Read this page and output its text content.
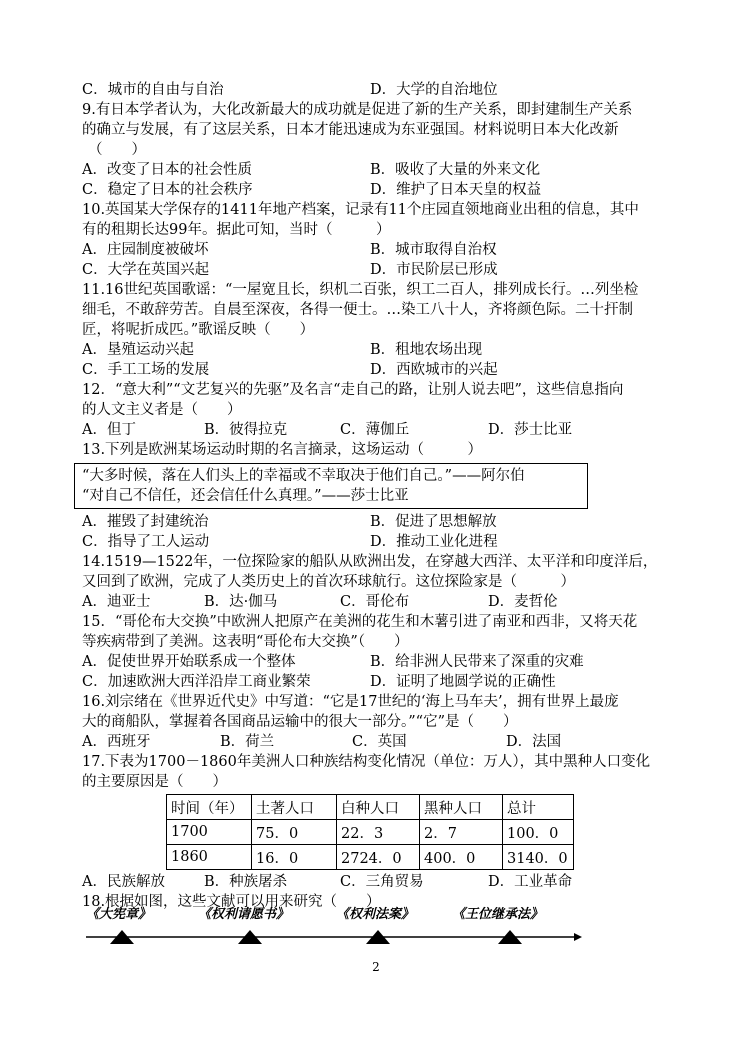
C．城市的自由与自治	D．大学的自治地位
9.有日本学者认为，大化改新最大的成功就是促进了新的生产关系，即封建制生产关系
的确立与发展，有了这层关系，日本才能迅速成为东亚强国。材料说明日本大化改新
（　　）
A．改变了日本的社会性质	B．吸收了大量的外来文化
C．稳定了日本的社会秩序	D．维护了日本天皇的权益
10.英国某大学保存的1411年地产档案，记录有11个庄园直领地商业出租的信息，其中
有的租期长达99年。据此可知，当时（　　　）
A．庄园制度被破坏	B．城市取得自治权
C．大学在英国兴起	D．市民阶层已形成
11.16世纪英国歌谣：“一屋宽且长，织机二百张，织工二百人，排列成长行。…列坐检
细毛，不敢辞劳苦。自晨至深夜，各得一便士。…染工八十人，齐将颜色际。二十扞制
匠，将呢折成匹。”歌谣反映（　　）
A．垦殖运动兴起	B．租地农场出现
C．手工工场的发展	D．西欧城市的兴起
12．“意大利”“文艺复兴的先驱”及名言“走自己的路，让别人说去吧”，这些信息指向
的人文主义者是（　　）
A．但丁	B．彼得拉克	C．薄伽丘	D．莎士比亚
13.下列是欧洲某场运动时期的名言摘录，这场运动（　　　）
“大多时候，落在人们头上的幸福或不幸取决于他们自己。”——阿尔伯
“对自己不信任，还会信任什么真理。”——莎士比亚
A．摧毁了封建统治	B．促进了思想解放
C．指导了工人运动	D．推动工业化进程
14.1519—1522年，一位探险家的船队从欧洲出发，在穿越大西洋、太平洋和印度洋后，
又回到了欧洲，完成了人类历史上的首次环球航行。这位探险家是（　　　）
A．迪亚士	B．达·伽马	C．哥伦布	D．麦哲伦
15．“哥伦布大交换”中欧洲人把原产在美洲的花生和木薯引进了南亚和西非，又将天花
等疾病带到了美洲。这表明“哥伦布大交换”（　　）
A．促使世界开始联系成一个整体	B．给非洲人民带来了深重的灾难
C．加速欧洲大西洋沿岸工商业繁荣	D．证明了地圆学说的正确性
16.刘宗绪在《世界近代史》中写道：“它是17世纪的‘海上马车夫’，拥有世界上最庞
大的商船队，掌握着各国商品运输中的很大一部分。”“它”是（　　）
A．西班牙	B．荷兰	C．英国	D．法国
17.下表为1700－1860年美洲人口种族结构变化情况（单位：万人），其中黑种人口变化
的主要原因是（　　）
时间（年）	土著人口	白种人口	黑种人口	总计
1700	75．0	22．3	2．7	100．0
1860	16．0	2724．0	400．0	3140．0
A．民族解放	B．种族屠杀	C．三角贸易	D．工业革命
18.根据如图，这些文献可以用来研究（　　）
《大宪章》	《权利请愿书》	《权利法案》	《王位继承法》
2
